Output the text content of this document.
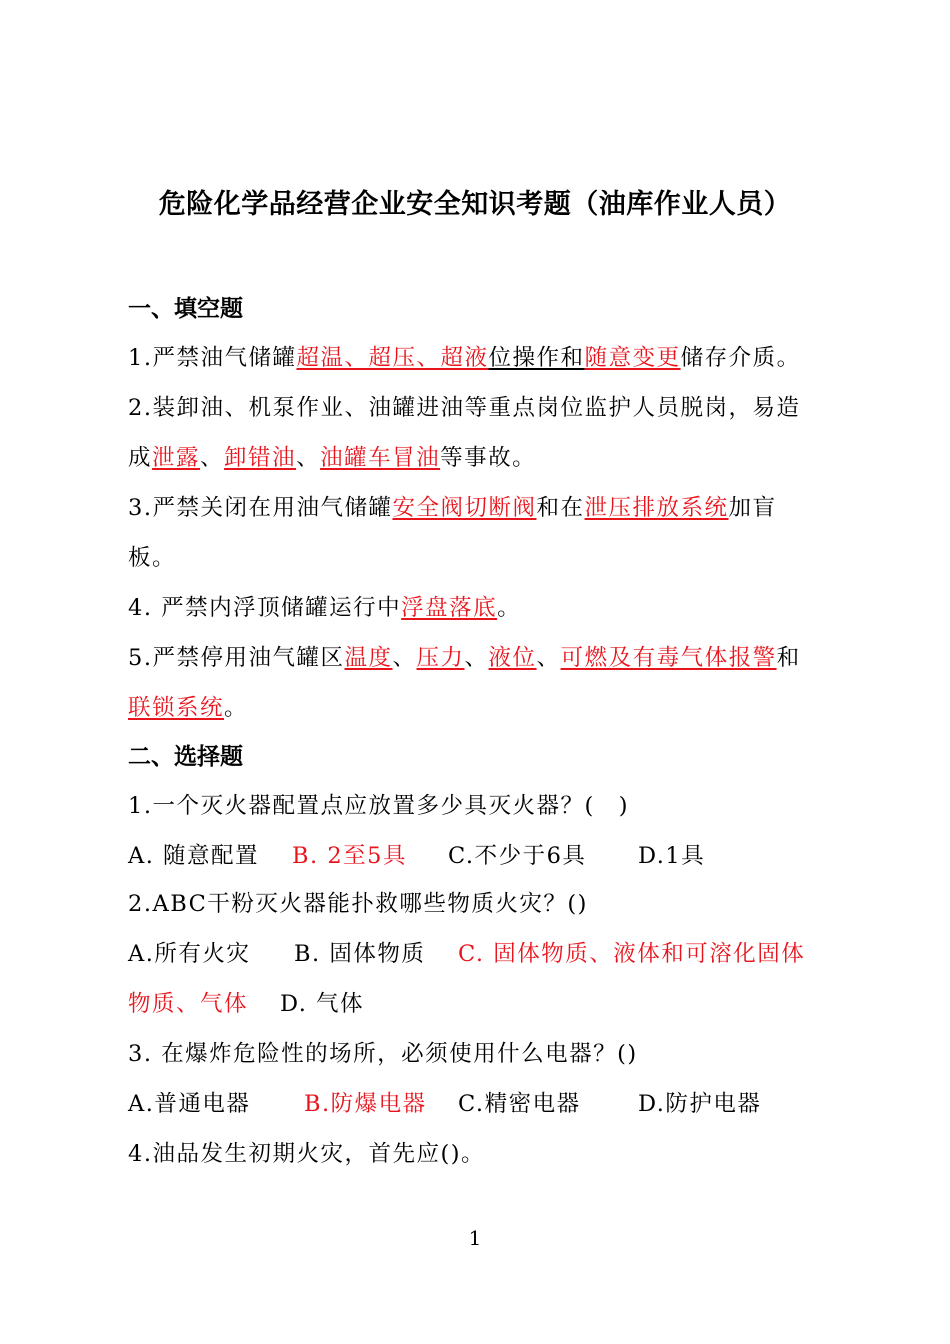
危险化学品经营企业安全知识考题（油库作业人员）
一、填空题
1.严禁油气储罐超温、超压、超液位操作和随意变更储存介质。
2.装卸油、机泵作业、油罐进油等重点岗位监护人员脱岗，易造
成泄露、卸错油、油罐车冒油等事故。
3.严禁关闭在用油气储罐安全阀切断阀和在泄压排放系统加盲
板。
4. 严禁内浮顶储罐运行中浮盘落底。
5.严禁停用油气罐区温度、压力、液位、可燃及有毒气体报警和
联锁系统。
二、选择题
1.一个灭火器配置点应放置多少具灭火器？(　)
A. 随意配置 B. 2至5具 C.不少于6具 D.1具
2.ABC干粉灭火器能扑救哪些物质火灾？()
A.所有火灾 B. 固体物质 C. 固体物质、液体和可溶化固体
物质、气体 D. 气体
3. 在爆炸危险性的场所，必须使用什么电器？()
A.普通电器 B.防爆电器 C.精密电器	D.防护电器
4.油品发生初期火灾，首先应()。
1
